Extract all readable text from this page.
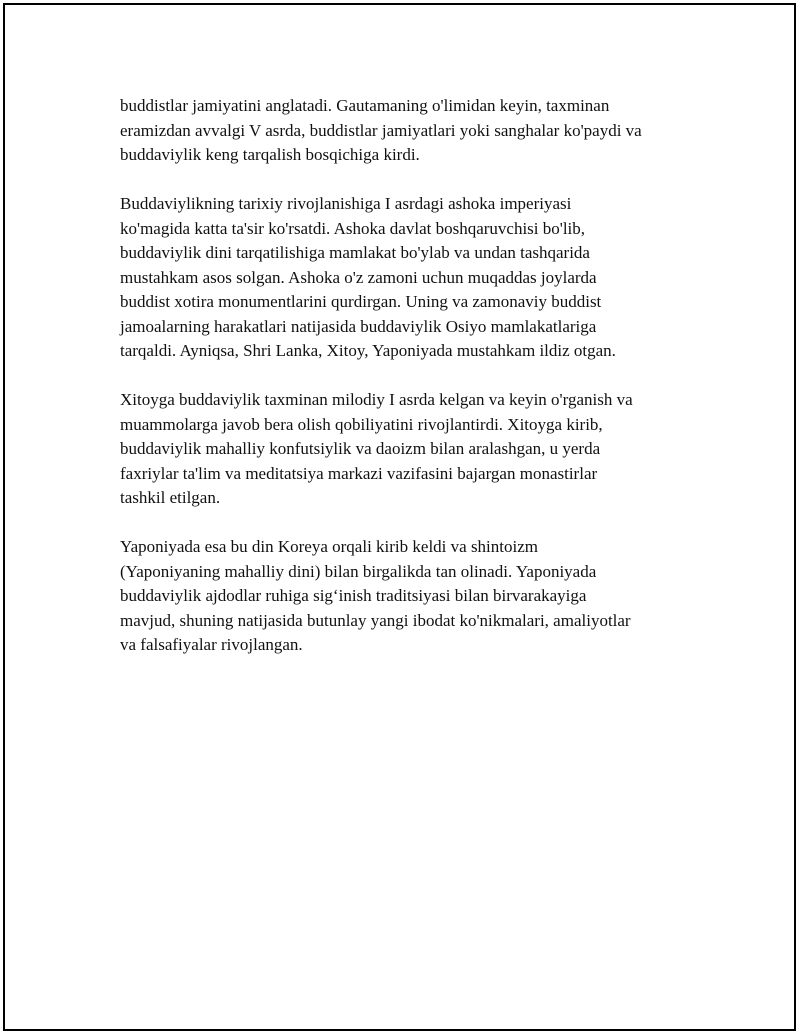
buddistlar jamiyatini anglatadi. Gautamaning o'limidan keyin, taxminan
eramizdan avvalgi V asrda, buddistlar jamiyatlari yoki sanghalar ko'paydi va
buddaviylik keng tarqalish bosqichiga kirdi.

Buddaviylikning tarixiy rivojlanishiga I asrdagi ashoka imperiyasi
ko'magida katta ta'sir ko'rsatdi. Ashoka davlat boshqaruvchisi bo'lib,
buddaviylik dini tarqatilishiga mamlakat bo'ylab va undan tashqarida
mustahkam asos solgan. Ashoka o'z zamoni uchun muqaddas joylarda
buddist xotira monumentlarini qurdirgan. Uning va zamonaviy buddist
jamoalarning harakatlari natijasida buddaviylik Osiyo mamlakatlariga
tarqaldi. Ayniqsa, Shri Lanka, Xitoy, Yaponiyada mustahkam ildiz otgan.

Xitoyga buddaviylik taxminan milodiy I asrda kelgan va keyin o'rganish va
muammolarga javob bera olish qobiliyatini rivojlantirdi. Xitoyga kirib,
buddaviylik mahalliy konfutsiylik va daoizm bilan aralashgan, u yerda
faxriylar ta'lim va meditatsiya markazi vazifasini bajargan monastirlar
tashkil etilgan.

Yaponiyada esa bu din Koreya orqali kirib keldi va shintoizm
(Yaponiyaning mahalliy dini) bilan birgalikda tan olinadi. Yaponiyada
buddaviylik ajdodlar ruhiga sig‘inish traditsiyasi bilan birvarakayiga
mavjud, shuning natijasida butunlay yangi ibodat ko'nikmalari, amaliyotlar
va falsafiyalar rivojlangan.
